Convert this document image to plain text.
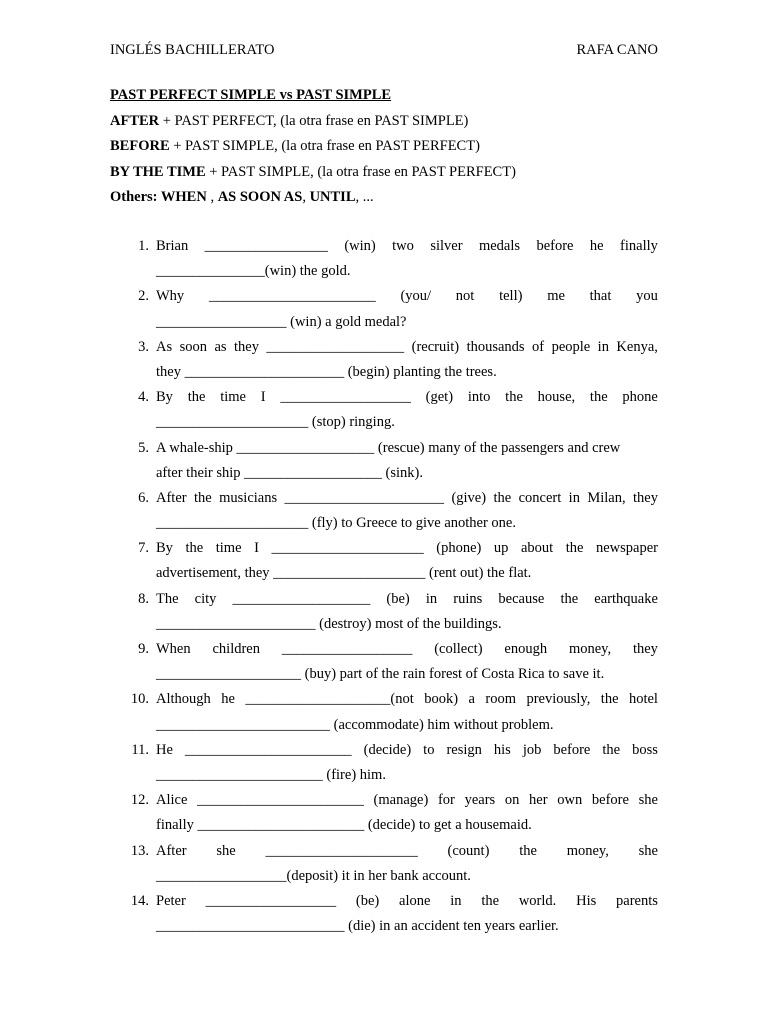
INGLÉS BACHILLERATO	RAFA CANO
PAST PERFECT SIMPLE vs PAST SIMPLE
AFTER + PAST PERFECT, (la otra frase en PAST SIMPLE)
BEFORE + PAST SIMPLE, (la otra frase en PAST PERFECT)
BY THE TIME + PAST SIMPLE, (la otra frase en PAST PERFECT)
Others: WHEN , AS SOON AS, UNTIL, ...
1. Brian _________________ (win) two silver medals before he finally
_______________(win) the gold.
2. Why _______________________ (you/ not tell) me that you
__________________ (win) a gold medal?
3. As soon as they ___________________ (recruit) thousands of people in Kenya,
they ______________________ (begin) planting the trees.
4. By the time I __________________ (get) into the house, the phone
_____________________ (stop) ringing.
5. A whale-ship ___________________ (rescue) many of the passengers and crew
after their ship ___________________ (sink).
6. After the musicians ______________________ (give) the concert in Milan, they
_____________________ (fly) to Greece to give another one.
7. By the time I _____________________ (phone) up about the newspaper
advertisement, they _____________________ (rent out) the flat.
8. The city ___________________ (be) in ruins because the earthquake
______________________ (destroy) most of the buildings.
9. When children __________________ (collect) enough money, they
____________________ (buy) part of the rain forest of Costa Rica to save it.
10. Although he ____________________(not book) a room previously, the hotel
________________________ (accommodate) him without problem.
11. He _______________________ (decide) to resign his job before the boss
_______________________ (fire) him.
12. Alice _______________________ (manage) for years on her own before she
finally _______________________ (decide) to get a housemaid.
13. After she _____________________ (count) the money, she
__________________(deposit) it in her bank account.
14. Peter __________________ (be) alone in the world. His parents
__________________________ (die) in an accident ten years earlier.
